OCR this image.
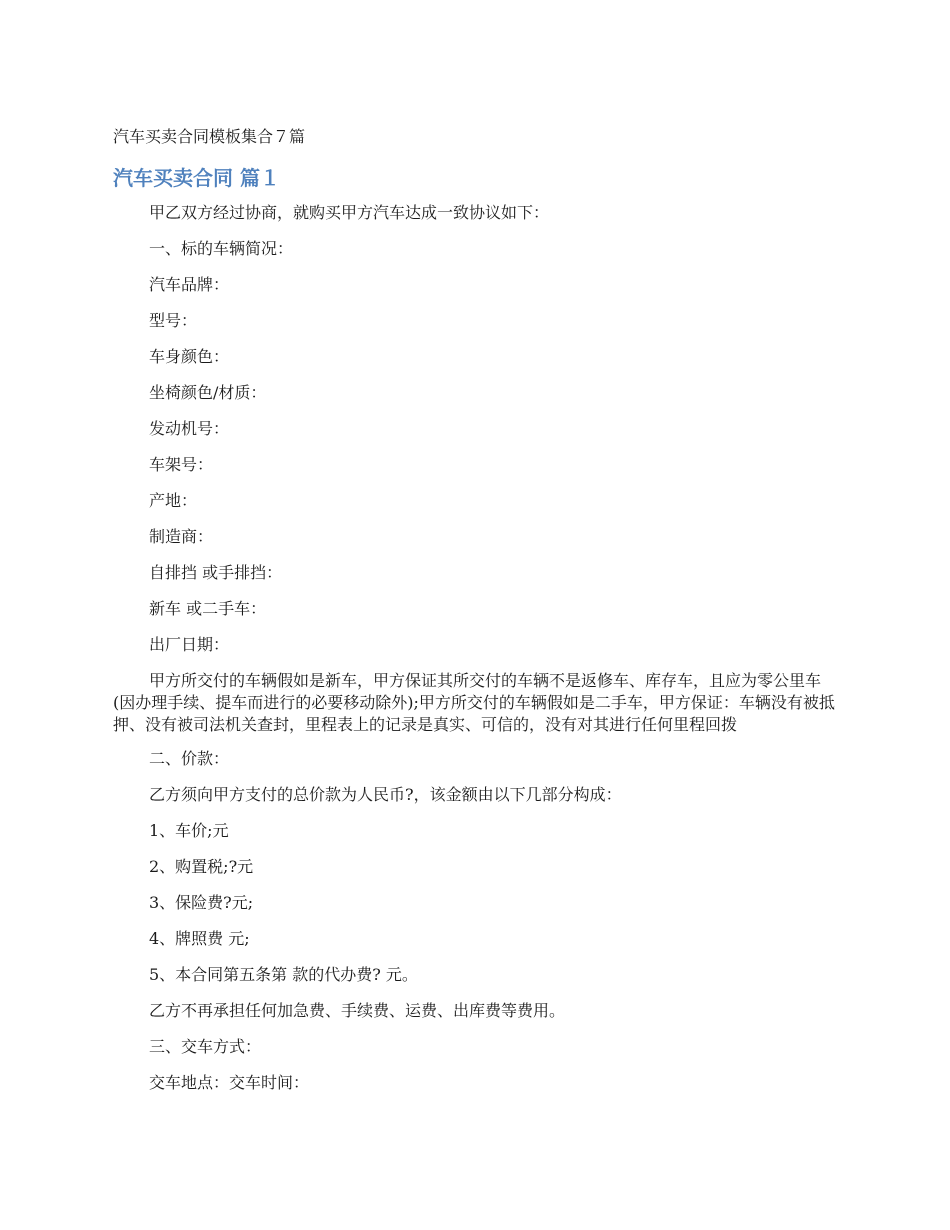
汽车买卖合同模板集合７篇

汽车买卖合同 篇１

甲乙双方经过协商，就购买甲方汽车达成一致协议如下：

一、标的车辆简况：

汽车品牌：

型号：

车身颜色：

坐椅颜色/材质：

发动机号：

车架号：

产地：

制造商：

自排挡 或手排挡：

新车 或二手车：

出厂日期：

甲方所交付的车辆假如是新车，甲方保证其所交付的车辆不是返修车、库存车，且应为零公里车(因办理手续、提车而进行的必要移动除外);甲方所交付的车辆假如是二手车，甲方保证：车辆没有被抵押、没有被司法机关查封，里程表上的记录是真实、可信的，没有对其进行任何里程回拨

二、价款：

乙方须向甲方支付的总价款为人民币?，该金额由以下几部分构成：

1、车价;元

2、购置税;?元

3、保险费?元;

4、牌照费 元;

5、本合同第五条第 款的代办费? 元。

乙方不再承担任何加急费、手续费、运费、出库费等费用。

三、交车方式：

交车地点：交车时间：
